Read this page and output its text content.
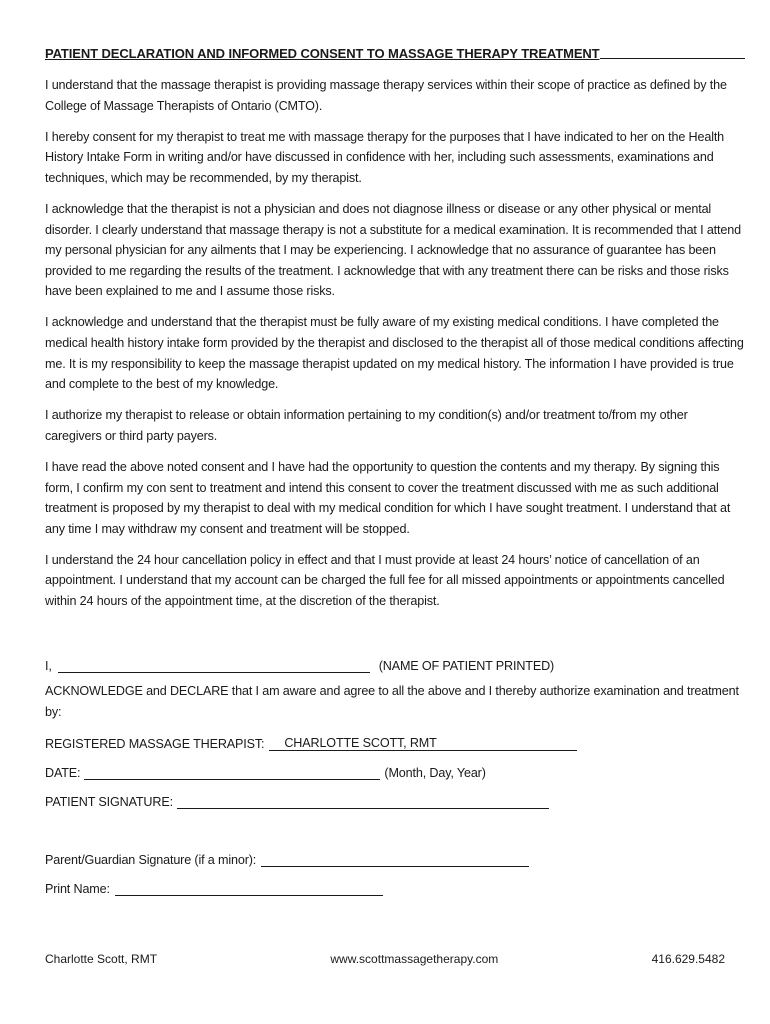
PATIENT DECLARATION AND INFORMED CONSENT TO MASSAGE THERAPY TREATMENT

I understand that the massage therapist is providing massage therapy services within their scope of practice as defined by the College of Massage Therapists of Ontario (CMTO).

I hereby consent for my therapist to treat me with massage therapy for the purposes that I have indicated to her on the Health History Intake Form in writing and/or have discussed in confidence with her, including such assessments, examinations and techniques, which may be recommended, by my therapist.

I acknowledge that the therapist is not a physician and does not diagnose illness or disease or any other physical or mental disorder. I clearly understand that massage therapy is not a substitute for a medical examination. It is recommended that I attend my personal physician for any ailments that I may be experiencing. I acknowledge that no assurance of guarantee has been provided to me regarding the results of the treatment. I acknowledge that with any treatment there can be risks and those risks have been explained to me and I assume those risks.

I acknowledge and understand that the therapist must be fully aware of my existing medical conditions. I have completed the medical health history intake form provided by the therapist and disclosed to the therapist all of those medical conditions affecting me. It is my responsibility to keep the massage therapist updated on my medical history. The information I have provided is true and complete to the best of my knowledge.

I authorize my therapist to release or obtain information pertaining to my condition(s) and/or treatment to/from my other caregivers or third party payers.

I have read the above noted consent and I have had the opportunity to question the contents and my therapy. By signing this form, I confirm my con sent to treatment and intend this consent to cover the treatment discussed with me as such additional treatment is proposed by my therapist to deal with my medical condition for which I have sought treatment. I understand that at any time I may withdraw my consent and treatment will be stopped.

I understand the 24 hour cancellation policy in effect and that I must provide at least 24 hours’ notice of cancellation of an appointment. I understand that my account can be charged the full fee for all missed appointments or appointments cancelled within 24 hours of the appointment time, at the discretion of the therapist.

I,	(NAME OF PATIENT PRINTED)
ACKNOWLEDGE and DECLARE that I am aware and agree to all the above and I thereby authorize examination and treatment by:
REGISTERED MASSAGE THERAPIST:	CHARLOTTE SCOTT, RMT
DATE:	(Month, Day, Year)
PATIENT SIGNATURE:
Parent/Guardian Signature (if a minor):
Print Name:
Charlotte Scott, RMT	www.scottmassagetherapy.com	416.629.5482
